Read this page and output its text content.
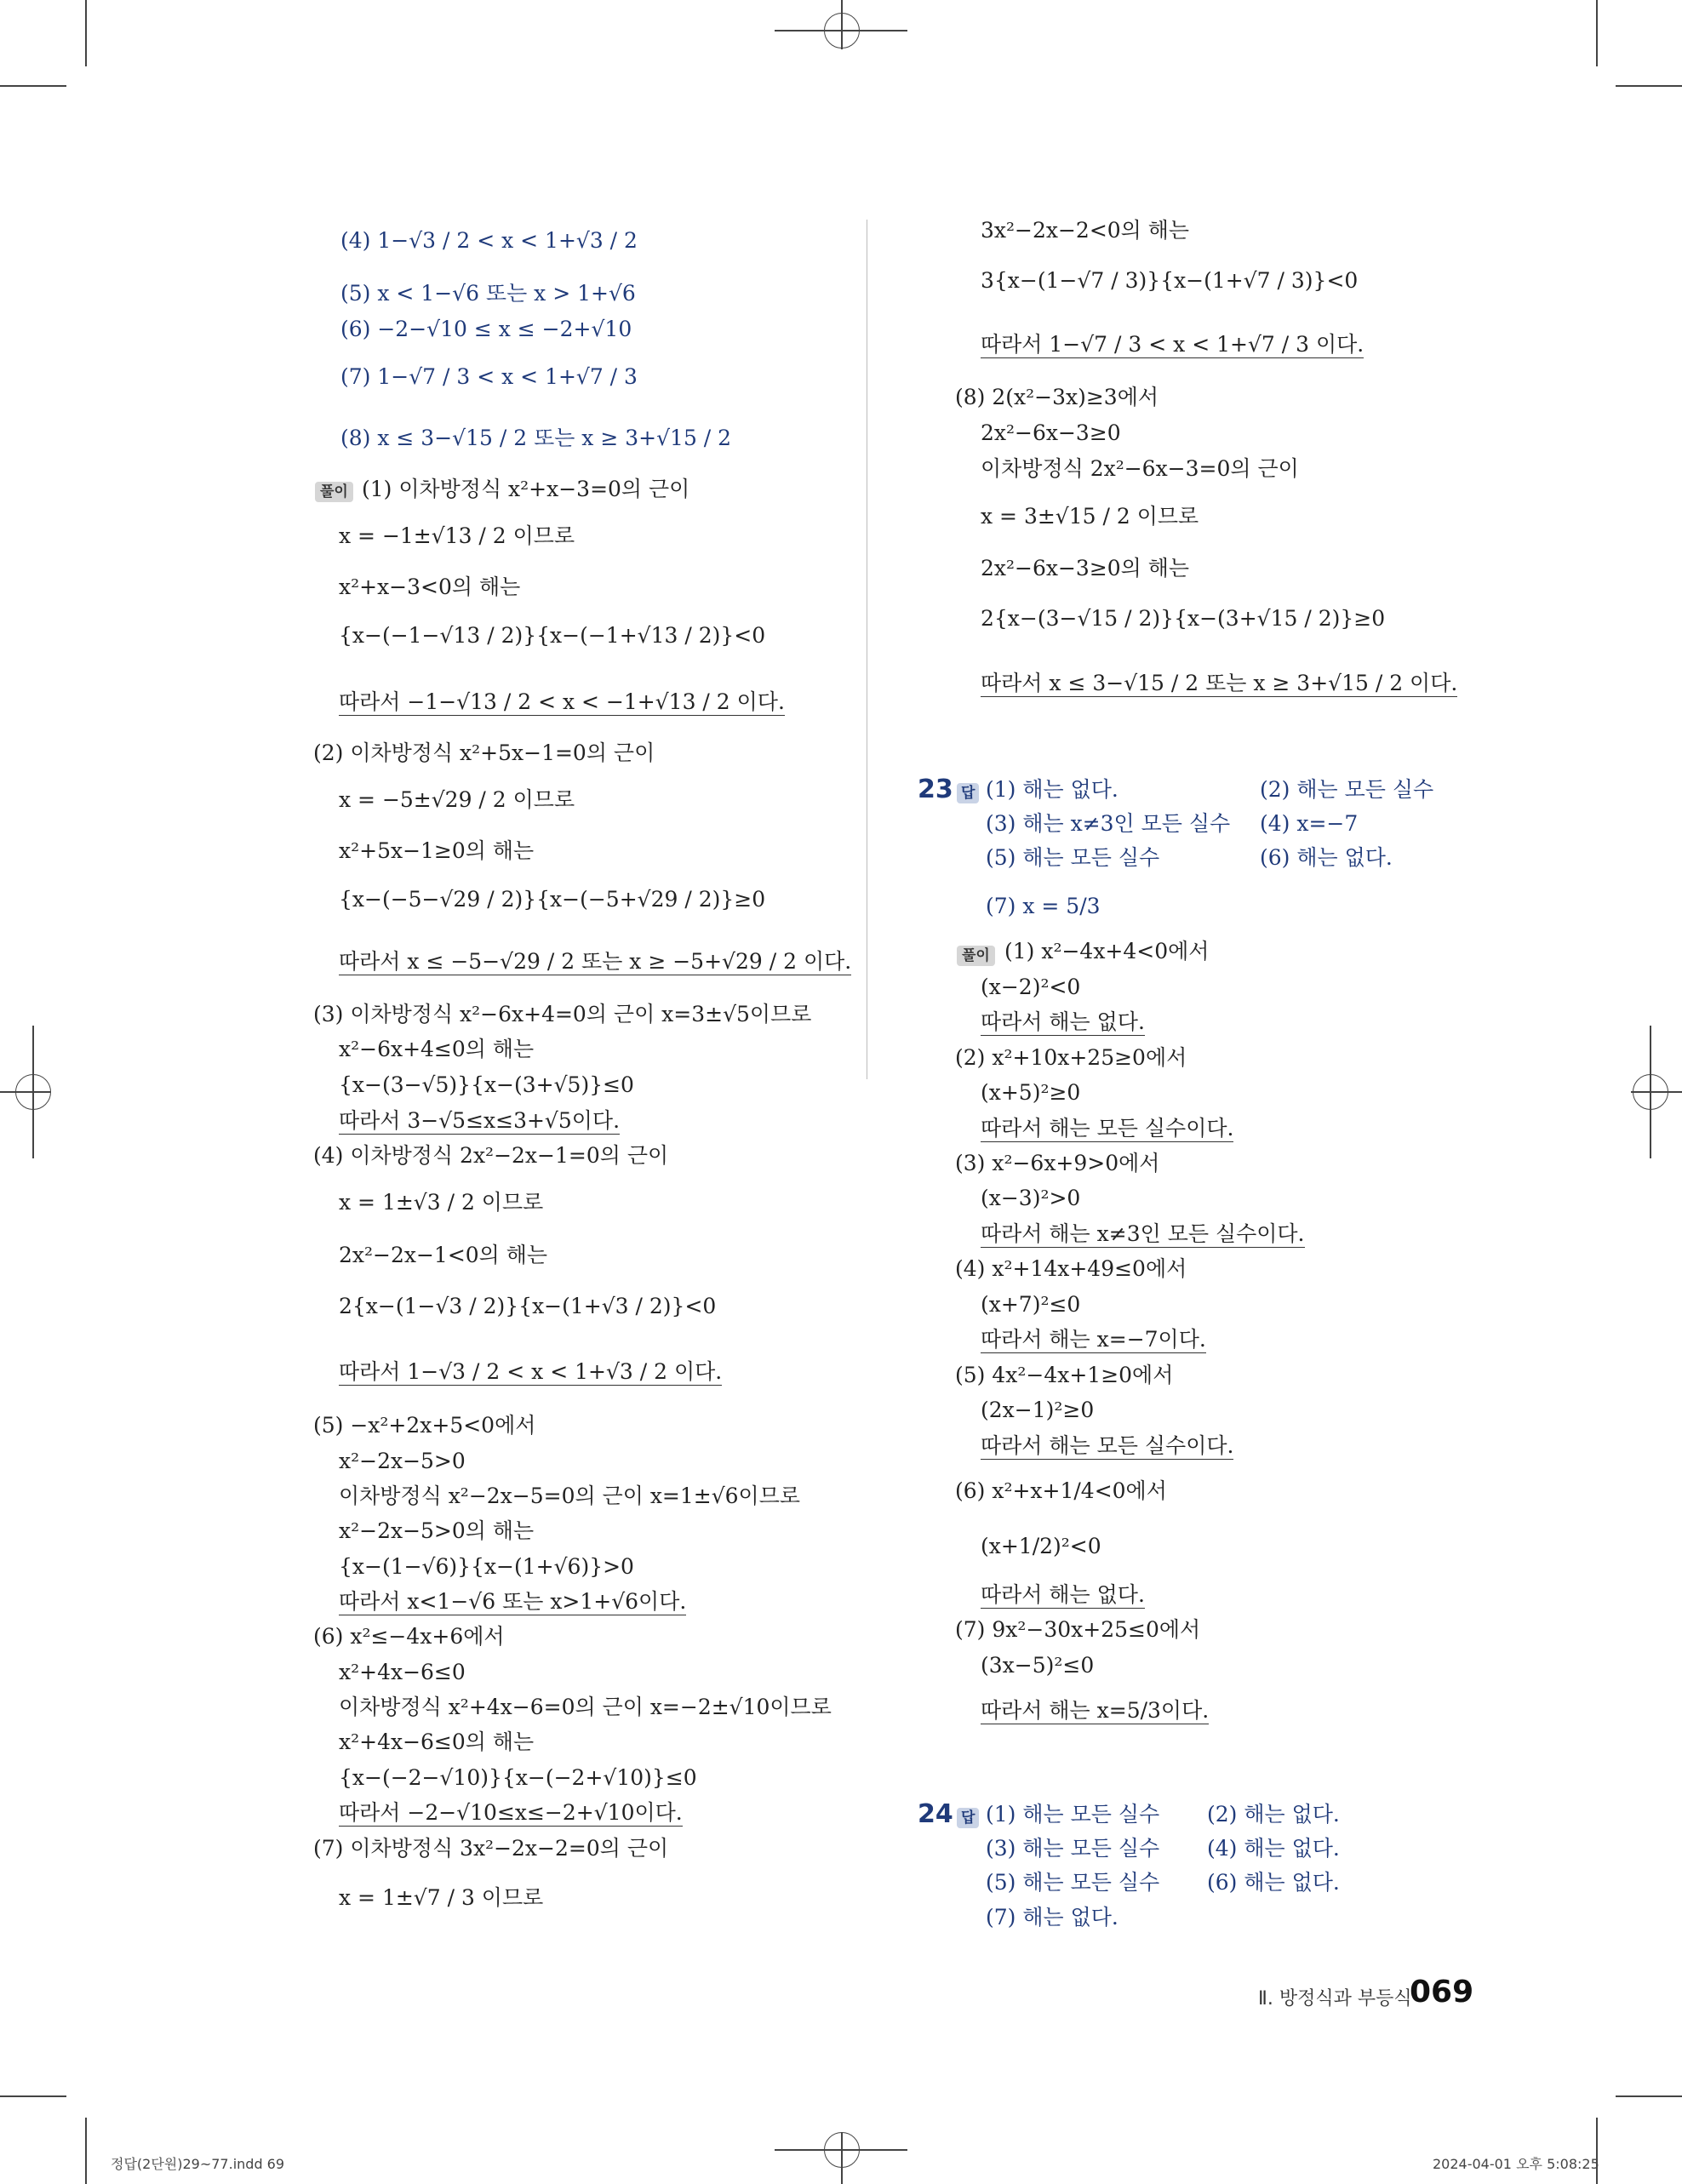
(4) 1−√3 / 2 < x < 1+√3 / 2
(5) x < 1−√6 또는 x > 1+√6
(6) −2−√10 ≤ x ≤ −2+√10
(7) 1−√7 / 3 < x < 1+√7 / 3
(8) x ≤ 3−√15 / 2 또는 x ≥ 3+√15 / 2
풀이 (1) 이차방정식 x²+x−3=0의 근이
x = −1±√13 / 2 이므로
x²+x−3<0의 해는
{x−(−1−√13 / 2)}{x−(−1+√13 / 2)}<0
따라서 −1−√13 / 2 < x < −1+√13 / 2 이다.
(2) 이차방정식 x²+5x−1=0의 근이
x = −5±√29 / 2 이므로
x²+5x−1≥0의 해는
{x−(−5−√29 / 2)}{x−(−5+√29 / 2)}≥0
따라서 x ≤ −5−√29 / 2 또는 x ≥ −5+√29 / 2 이다.
(3) 이차방정식 x²−6x+4=0의 근이 x=3±√5이므로
x²−6x+4≤0의 해는
{x−(3−√5)}{x−(3+√5)}≤0
따라서 3−√5≤x≤3+√5이다.
(4) 이차방정식 2x²−2x−1=0의 근이
x = 1±√3 / 2 이므로
2x²−2x−1<0의 해는
2{x−(1−√3 / 2)}{x−(1+√3 / 2)}<0
따라서 1−√3 / 2 < x < 1+√3 / 2 이다.
(5) −x²+2x+5<0에서
x²−2x−5>0
이차방정식 x²−2x−5=0의 근이 x=1±√6이므로
x²−2x−5>0의 해는
{x−(1−√6)}{x−(1+√6)}>0
따라서 x<1−√6 또는 x>1+√6이다.
(6) x²≤−4x+6에서
x²+4x−6≤0
이차방정식 x²+4x−6=0의 근이 x=−2±√10이므로
x²+4x−6≤0의 해는
{x−(−2−√10)}{x−(−2+√10)}≤0
따라서 −2−√10≤x≤−2+√10이다.
(7) 이차방정식 3x²−2x−2=0의 근이
x = 1±√7 / 3 이므로
3x²−2x−2<0의 해는
3{x−(1−√7 / 3)}{x−(1+√7 / 3)}<0
따라서 1−√7 / 3 < x < 1+√7 / 3 이다.
(8) 2(x²−3x)≥3에서
2x²−6x−3≥0
이차방정식 2x²−6x−3=0의 근이
x = 3±√15 / 2 이므로
2x²−6x−3≥0의 해는
2{x−(3−√15 / 2)}{x−(3+√15 / 2)}≥0
따라서 x ≤ 3−√15 / 2 또는 x ≥ 3+√15 / 2 이다.
23 답 (1) 해는 없다.	(2) 해는 모든 실수
(3) 해는 x≠3인 모든 실수 (4) x=−7
(5) 해는 모든 실수	(6) 해는 없다.
(7) x = 5/3
풀이 (1) x²−4x+4<0에서
(x−2)²<0
따라서 해는 없다.
(2) x²+10x+25≥0에서
(x+5)²≥0
따라서 해는 모든 실수이다.
(3) x²−6x+9>0에서
(x−3)²>0
따라서 해는 x≠3인 모든 실수이다.
(4) x²+14x+49≤0에서
(x+7)²≤0
따라서 해는 x=−7이다.
(5) 4x²−4x+1≥0에서
(2x−1)²≥0
따라서 해는 모든 실수이다.
(6) x²+x+1/4<0에서
(x+1/2)²<0
따라서 해는 없다.
(7) 9x²−30x+25≤0에서
(3x−5)²≤0
따라서 해는 x=5/3이다.
24 답 (1) 해는 모든 실수 (2) 해는 없다.
(3) 해는 모든 실수 (4) 해는 없다.
(5) 해는 모든 실수 (6) 해는 없다.
(7) 해는 없다.
Ⅱ. 방정식과 부등식
069
정답(2단원)29~77.indd 69	2024-04-01 오후 5:08:25
